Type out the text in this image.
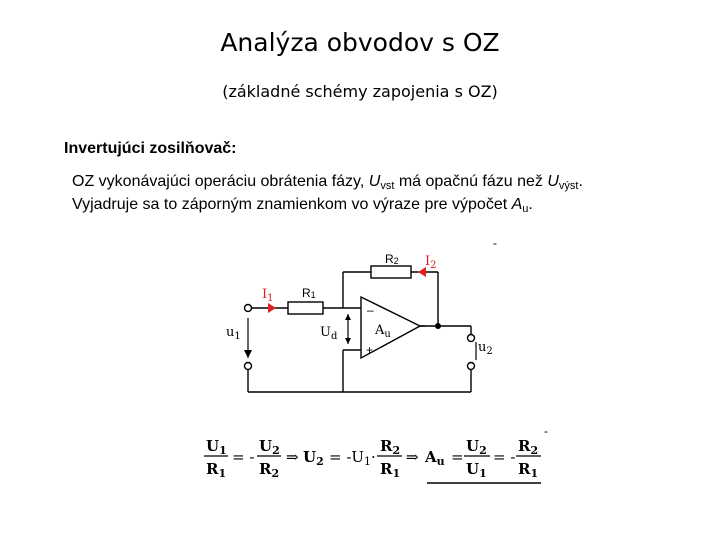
Analýza obvodov s OZ
(základné schémy zapojenia s OZ)
Invertujúci zosilňovač:
OZ vykonávajúci operáciu obrátenia fázy, $U_{vst}$ má opačnú fázu než $U_{výst}$.
Vyjadruje sa to záporným znamienkom vo výraze pre výpočet $A_u$.
-
-
R2 $I_2$
$I_1$ R1
$u_1$	$U_d$
–
+
$A_u$
$u_2$
$U_1$
$R_1$
= -
$U_2$
$R_2$
⇒ $U_2 = -U_1\cdot$
$R_2$
$R_1$
⇒ $A_u$ =
$U_2$
$U_1$
= -
$R_2$
$R_1$
